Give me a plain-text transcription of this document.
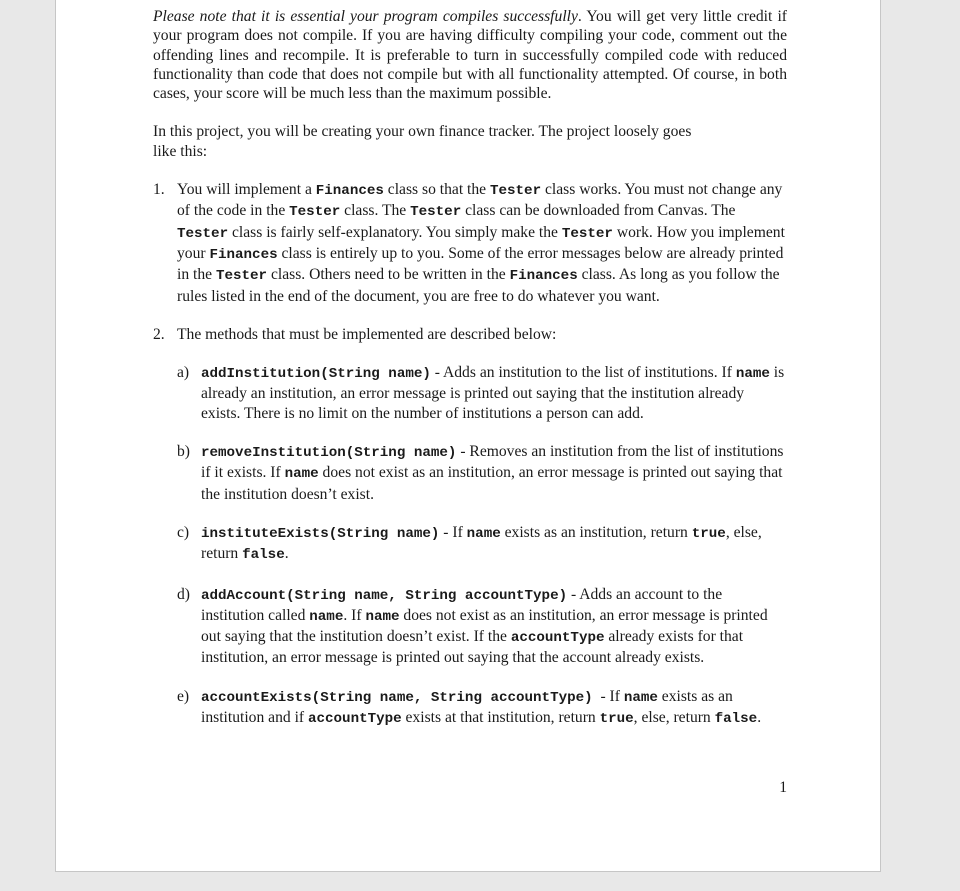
Please note that it is essential your program compiles successfully. You will get very little credit if your program does not compile. If you are having difficulty compiling your code, comment out the offending lines and recompile. It is preferable to turn in successfully compiled code with reduced functionality than code that does not compile but with all functionality attempted. Of course, in both cases, your score will be much less than the maximum possible.

In this project, you will be creating your own finance tracker. The project loosely goes
like this:

1. You will implement a Finances class so that the Tester class works. You must not change any of the code in the Tester class. The Tester class can be downloaded from Canvas. The Tester class is fairly self-explanatory. You simply make the Tester work. How you implement your Finances class is entirely up to you. Some of the error messages below are already printed in the Tester class. Others need to be written in the Finances class. As long as you follow the rules listed in the end of the document, you are free to do whatever you want.

2. The methods that must be implemented are described below:

a) addInstitution(String name) - Adds an institution to the list of institutions. If name is already an institution, an error message is printed out saying that the institution already exists. There is no limit on the number of institutions a person can add.

b) removeInstitution(String name) - Removes an institution from the list of institutions if it exists. If name does not exist as an institution, an error message is printed out saying that the institution doesn’t exist.

c) instituteExists(String name) - If name exists as an institution, return true, else, return false.

d) addAccount(String name, String accountType) - Adds an account to the institution called name. If name does not exist as an institution, an error message is printed out saying that the institution doesn’t exist. If the accountType already exists for that institution, an error message is printed out saying that the account already exists.

e) accountExists(String name, String accountType)  - If name exists as an institution and if accountType exists at that institution, return true, else, return false.

1
